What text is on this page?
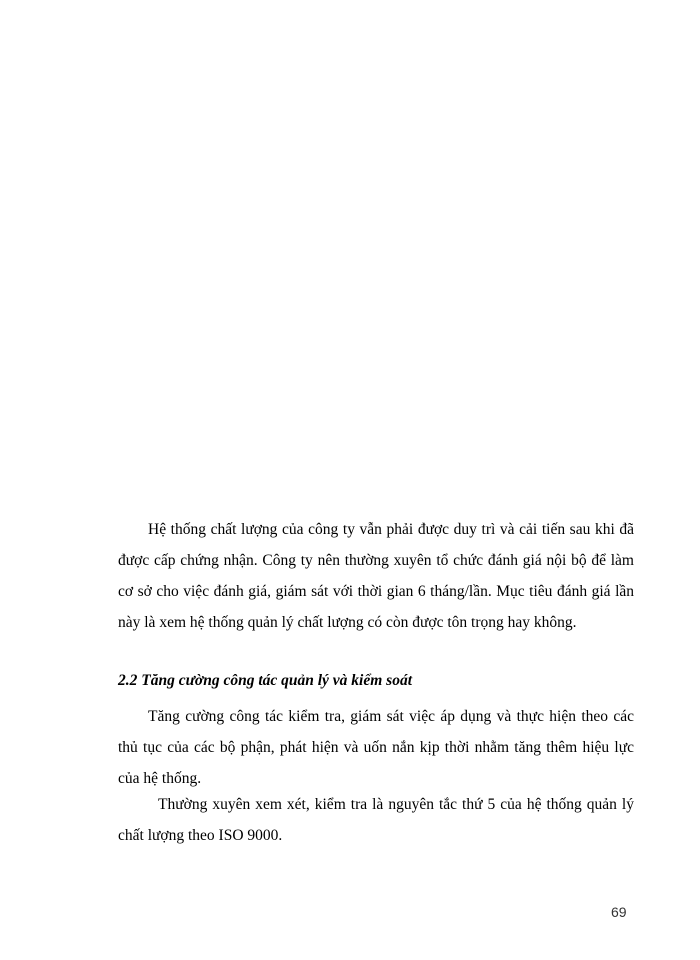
Hệ thống chất lượng của công ty vẫn phải được duy trì và cải tiến sau khi đã được cấp chứng nhận. Công ty nên thường xuyên tổ chức đánh giá nội bộ để làm cơ sở cho việc đánh giá, giám sát với thời gian 6 tháng/lần. Mục tiêu đánh giá lần này là xem hệ thống quản lý chất lượng có còn được tôn trọng hay không.

2.2 Tăng cường công tác quản lý và kiểm soát

Tăng cường công tác kiểm tra, giám sát việc áp dụng và thực hiện theo các thủ tục của các bộ phận, phát hiện và uốn nắn kịp thời nhằm tăng thêm hiệu lực của hệ thống.

Thường xuyên xem xét, kiểm tra là nguyên tắc thứ 5 của hệ thống quản lý chất lượng theo ISO 9000.

69
